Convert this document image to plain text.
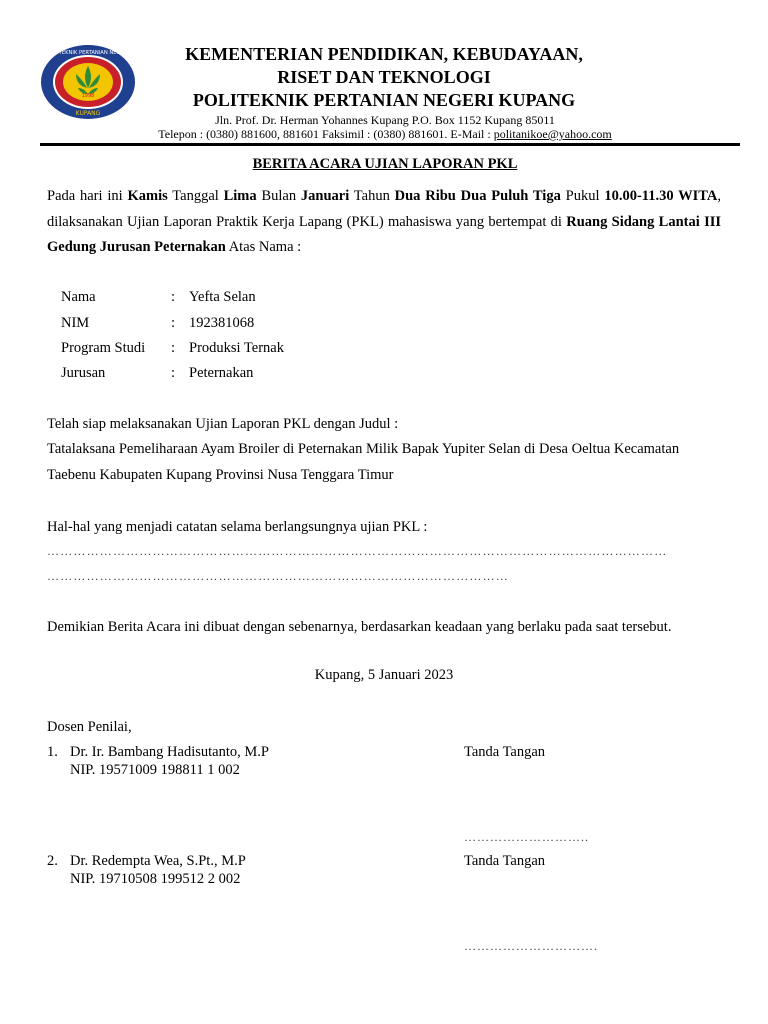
1998
POLITEKNIK PERTANIAN NEGERI
KUPANG
KEMENTERIAN PENDIDIKAN, KEBUDAYAAN,
RISET DAN TEKNOLOGI
POLITEKNIK PERTANIAN NEGERI KUPANG
Jln. Prof. Dr. Herman Yohannes Kupang P.O. Box 1152 Kupang 85011
Telepon : (0380) 881600, 881601 Faksimil : (0380) 881601. E-Mail : politanikoe@yahoo.com
BERITA ACARA UJIAN LAPORAN PKL
Pada hari ini Kamis Tanggal Lima Bulan Januari Tahun Dua Ribu Dua Puluh Tiga Pukul 10.00-11.30 WITA, dilaksanakan Ujian Laporan Praktik Kerja Lapang (PKL) mahasiswa yang bertempat di Ruang Sidang Lantai III Gedung Jurusan Peternakan Atas Nama :
Nama	: Yefta Selan
NIM	: 192381068
Program Studi : Produksi Ternak
Jurusan	: Peternakan
Telah siap melaksanakan Ujian Laporan PKL dengan Judul :
Tatalaksana Pemeliharaan Ayam Broiler di Peternakan Milik Bapak Yupiter Selan di Desa Oeltua Kecamatan Taebenu Kabupaten Kupang Provinsi Nusa Tenggara Timur
Hal-hal yang menjadi catatan selama berlangsungnya ujian PKL :
……………………………………………………………………………………………………………………………
……………………………………………………………………………………………
Demikian Berita Acara ini dibuat dengan sebenarnya, berdasarkan keadaan yang berlaku pada saat tersebut.
Kupang, 5 Januari 2023
Dosen Penilai,
1. Dr. Ir. Bambang Hadisutanto, M.P
NIP. 19571009 198811 1 002
Tanda Tangan
………………………..
2. Dr. Redempta Wea, S.Pt., M.P
NIP. 19710508 199512 2 002
Tanda Tangan
………………………….
